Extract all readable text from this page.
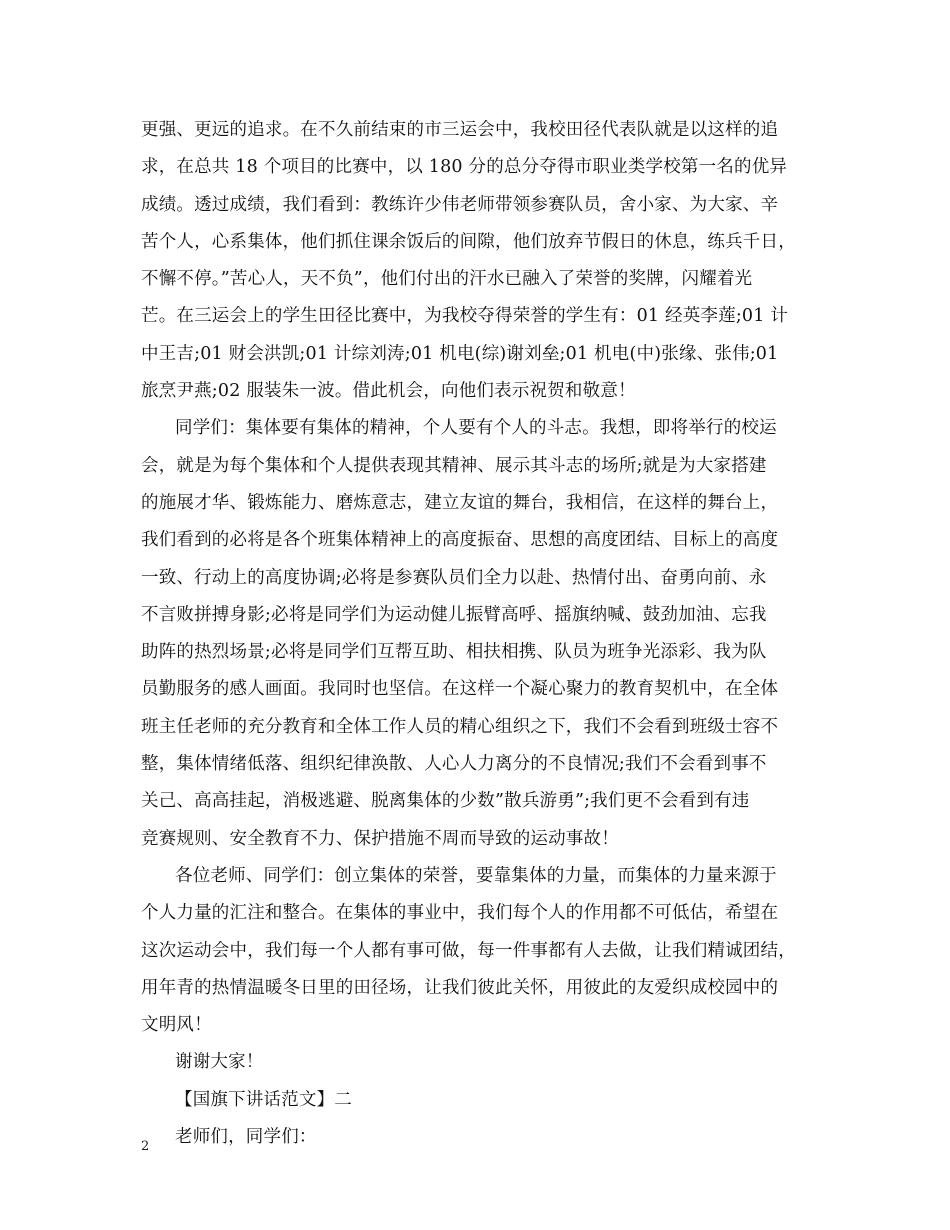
更强、更远的追求。在不久前结束的市三运会中，我校田径代表队就是以这样的追
求，在总共 18 个项目的比赛中，以 180 分的总分夺得市职业类学校第一名的优异
成绩。透过成绩，我们看到：教练许少伟老师带领参赛队员，舍小家、为大家、辛
苦个人，心系集体，他们抓住课余饭后的间隙，他们放弃节假日的休息，练兵千日，
不懈不停。”苦心人，天不负”，他们付出的汗水已融入了荣誉的奖牌，闪耀着光
芒。在三运会上的学生田径比赛中，为我校夺得荣誉的学生有：01 经英李莲;01 计
中王吉;01 财会洪凯;01 计综刘涛;01 机电(综)谢刘垒;01 机电(中)张缘、张伟;01
旅烹尹燕;02 服装朱一波。借此机会，向他们表示祝贺和敬意！
同学们：集体要有集体的精神，个人要有个人的斗志。我想，即将举行的校运
会，就是为每个集体和个人提供表现其精神、展示其斗志的场所;就是为大家搭建
的施展才华、锻炼能力、磨炼意志，建立友谊的舞台，我相信，在这样的舞台上，
我们看到的必将是各个班集体精神上的高度振奋、思想的高度团结、目标上的高度
一致、行动上的高度协调;必将是参赛队员们全力以赴、热情付出、奋勇向前、永
不言败拼搏身影;必将是同学们为运动健儿振臂高呼、摇旗纳喊、鼓劲加油、忘我
助阵的热烈场景;必将是同学们互帮互助、相扶相携、队员为班争光添彩、我为队
员勤服务的感人画面。我同时也坚信。在这样一个凝心聚力的教育契机中，在全体
班主任老师的充分教育和全体工作人员的精心组织之下，我们不会看到班级士容不
整，集体情绪低落、组织纪律涣散、人心人力离分的不良情况;我们不会看到事不
关己、高高挂起，消极逃避、脱离集体的少数”散兵游勇”;我们更不会看到有违
竞赛规则、安全教育不力、保护措施不周而导致的运动事故！
各位老师、同学们：创立集体的荣誉，要靠集体的力量，而集体的力量来源于
个人力量的汇注和整合。在集体的事业中，我们每个人的作用都不可低估，希望在
这次运动会中，我们每一个人都有事可做，每一件事都有人去做，让我们精诚团结，
用年青的热情温暖冬日里的田径场，让我们彼此关怀，用彼此的友爱织成校园中的
文明风！
谢谢大家！
【国旗下讲话范文】二
老师们，同学们：
2
